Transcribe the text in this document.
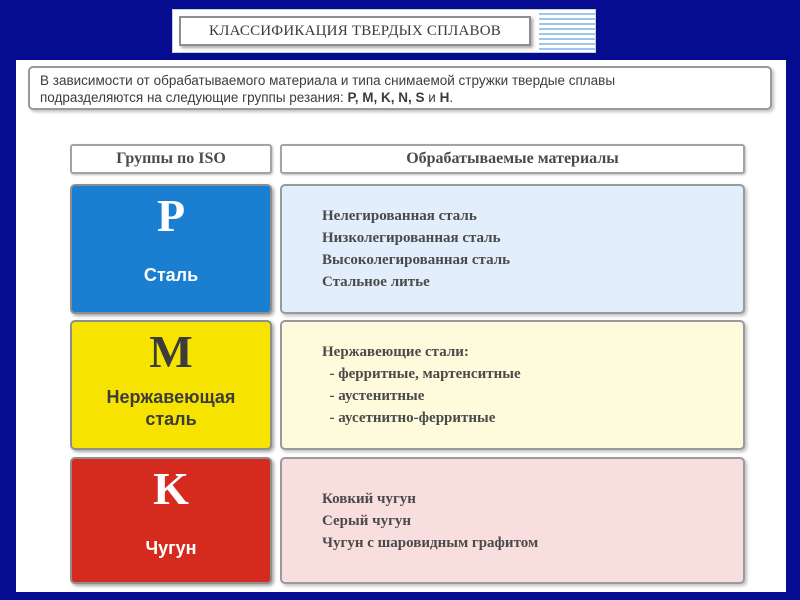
КЛАССИФИКАЦИЯ ТВЕРДЫХ СПЛАВОВ
В зависимости от обрабатываемого материала и типа снимаемой стружки твердые сплавы
подразделяются на следующие группы резания: P, M, K, N, S и H.
Группы по ISO	Обрабатываемые материалы
P
Сталь
Нелегированная сталь
Низколегированная сталь
Высоколегированная сталь
Стальное литье
M
Нержавеющая
сталь
Нержавеющие стали:
- ферритные, мартенситные
- аустенитные
- аусетнитно-ферритные
K
Чугун
Ковкий чугун
Серый чугун
Чугун с шаровидным графитом
